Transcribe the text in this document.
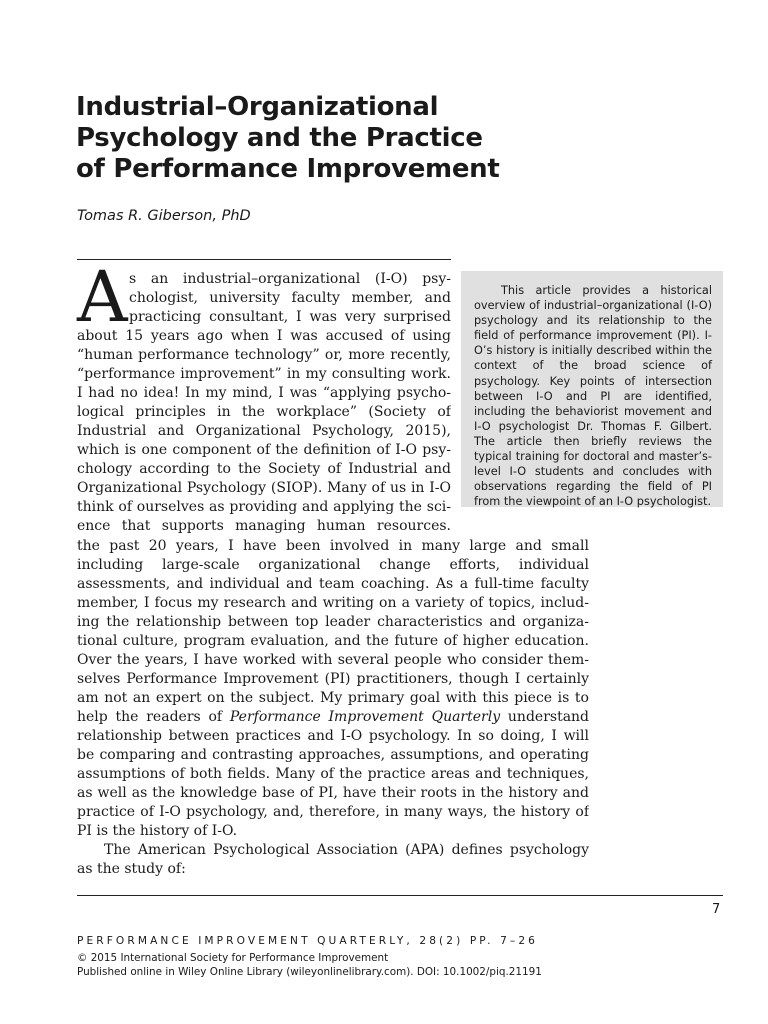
Industrial–Organizational
Psychology and the Practice
of Performance Improvement
Tomas R. Giberson, PhD

This article provides a historical overview of industrial–organizational (I-O) psychology and its relationship to the field of performance improvement (PI). I-O’s history is initially described within the context of the broad science of psychology. Key points of intersection between I-O and PI are identified, including the behaviorist movement and I-O psychologist Dr. Thomas F. Gilbert. The article then briefly reviews the typical training for doctoral and master’s-level I-O students and concludes with observations regarding the field of PI from the viewpoint of an I-O psychologist.

A s an industrial–organizational (I-O) psy-
chologist, university faculty member, and
practicing consultant, I was very surprised
about 15 years ago when I was accused of using
“human performance technology” or, more recently,
“performance improvement” in my consulting work.
I had no idea! In my mind, I was “applying psycho-
logical principles in the workplace” (Society of
Industrial and Organizational Psychology, 2015),
which is one component of the definition of I-O psy-
chology according to the Society of Industrial and
Organizational Psychology (SIOP). Many of us in I-O
think of ourselves as providing and applying the sci-
ence that supports managing human resources.
the past 20 years, I have been involved in many large and small
including large-scale organizational change efforts, individual
assessments, and individual and team coaching. As a full-time faculty
member, I focus my research and writing on a variety of topics, includ-
ing the relationship between top leader characteristics and organiza-
tional culture, program evaluation, and the future of higher education.
Over the years, I have worked with several people who consider them-
selves Performance Improvement (PI) practitioners, though I certainly
am not an expert on the subject. My primary goal with this piece is to
help the readers of Performance Improvement Quarterly understand
relationship between practices and I-O psychology. In so doing, I will
be comparing and contrasting approaches, assumptions, and operating
assumptions of both fields. Many of the practice areas and techniques,
as well as the knowledge base of PI, have their roots in the history and
practice of I-O psychology, and, therefore, in many ways, the history of
PI is the history of I-O.
The American Psychological Association (APA) defines psychology
as the study of:
7
PERFORMANCE IMPROVEMENT QUARTERLY, 28(2) PP. 7–26
© 2015 International Society for Performance Improvement
Published online in Wiley Online Library (wileyonlinelibrary.com). DOI: 10.1002/piq.21191
